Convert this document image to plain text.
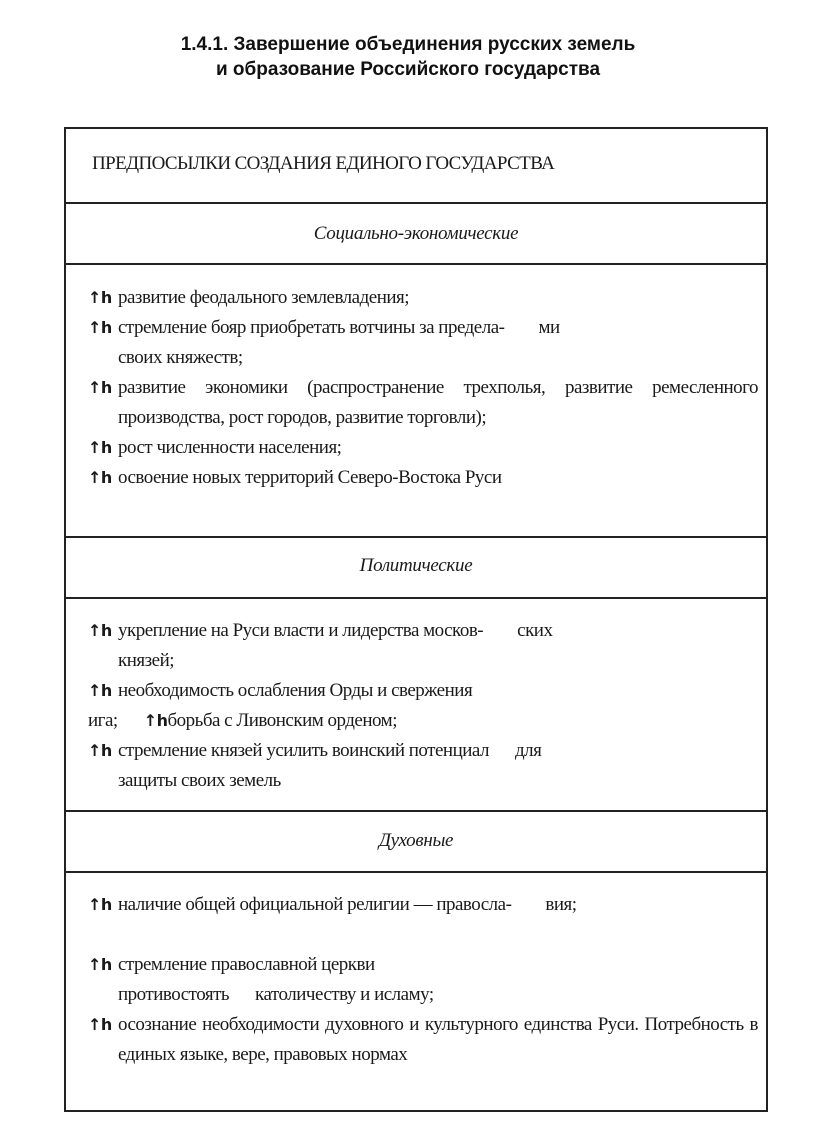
1.4.1. Завершение объединения русских земель
и образование Российского государства
ПРЕДПОСЫЛКИ СОЗДАНИЯ ЕДИНОГО ГОСУДАРСТВА
Социально-экономические
↑h развитие феодального землевладения;
↑h стремление бояр приобретать вотчины за предела- ми
своих княжеств;
↑h развитие экономики (распространение трехполья, развитие ремесленного производства, рост городов, развитие торговли);
↑h рост численности населения;
↑h освоение новых территорий Северо-Востока Руси
Политические
↑h укрепление на Руси власти и лидерства москов- ских
князей;
↑h необходимость ослабления Орды и свержения
ига; ↑hборьба с Ливонским орденом;
↑h стремление князей усилить воинский потенциал для
защиты своих земель
Духовные
↑h наличие общей официальной религии — правосла- вия;
↑h стремление православной церкви
противостоять католичеству и исламу;
↑h осознание необходимости духовного и культурного единства Руси. Потребность в единых языке, вере, правовых нормах
